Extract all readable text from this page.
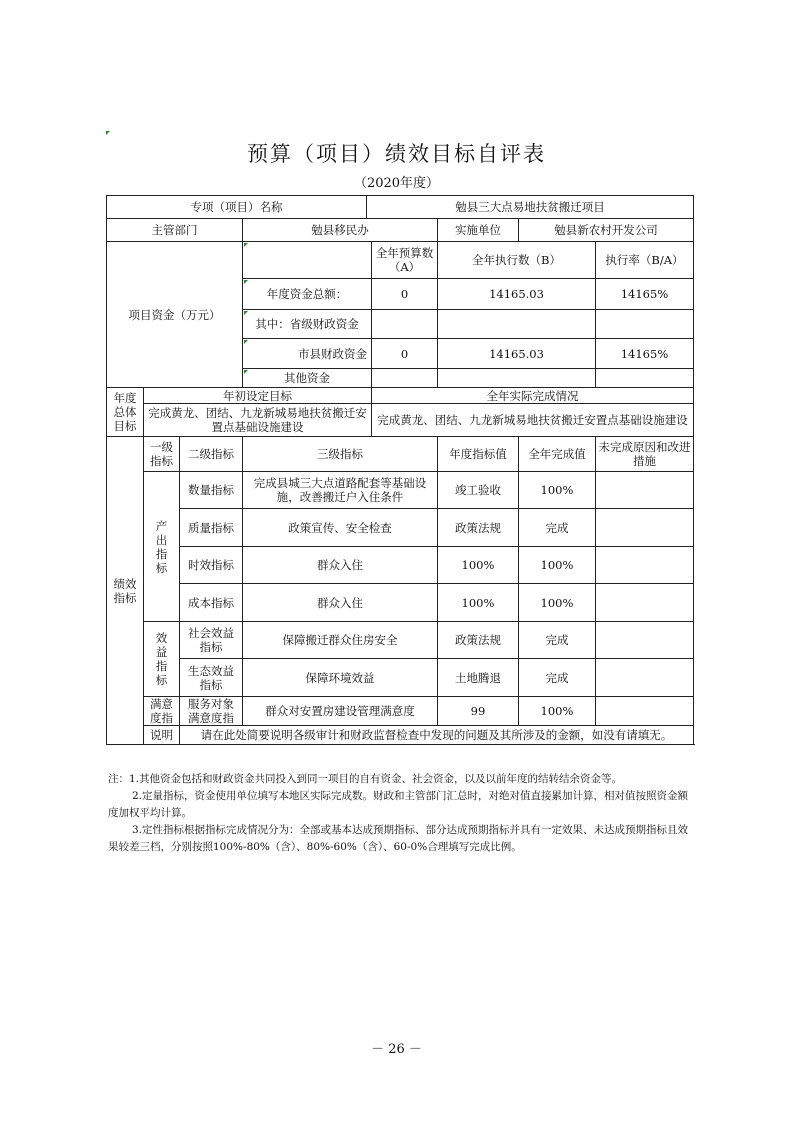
预算（项目）绩效目标自评表
（2020年度）
专项（项目）名称				勉县三大点易地扶贫搬迁项目				
主管部门			勉县移民办			实施单位	勉县新农村开发公司	
项目资金（万元）					全年预算数（A）	全年执行数（B）		执行率（B/A）
			年度资金总额：		0	14165.03		14165%
			其中：省级财政资金					
			市县财政资金		0	14165.03		14165%
			其他资金					
年度总体目标	年初设定目标				全年实际完成情况			
	完成黄龙、团结、九龙新城易地扶贫搬迁安置点基础设施建设				完成黄龙、团结、九龙新城易地扶贫搬迁安置点基础设施建设			
绩效指标	一级指标	二级指标	三级指标			年度指标值	全年完成值	未完成原因和改进措施
	产出指标	数量指标	完成县城三大点道路配套等基础设施，改善搬迁户入住条件			竣工验收	100%	
		质量指标	政策宣传、安全检查			政策法规	完成	
		时效指标	群众入住			100%	100%	
		成本指标	群众入住			100%	100%	
	效益指标	社会效益指标	保障搬迁群众住房安全			政策法规	完成	
		生态效益指标	保障环境效益			土地腾退	完成	
	满意度指	服务对象满意度指	群众对安置房建设管理满意度			99	100%	
	说明	请在此处简要说明各级审计和财政监督检查中发现的问题及其所涉及的金额，如没有请填无。						

注：1.其他资金包括和财政资金共同投入到同一项目的自有资金、社会资金，以及以前年度的结转结余资金等。

2.定量指标，资金使用单位填写本地区实际完成数。财政和主管部门汇总时，对绝对值直接累加计算，相对值按照资金额度加权平均计算。

3.定性指标根据指标完成情况分为：全部或基本达成预期指标、部分达成预期指标并具有一定效果、未达成预期指标且效果较差三档，分别按照100%-80%（含）、80%-60%（含）、60-0%合理填写完成比例。

－ 26 －
